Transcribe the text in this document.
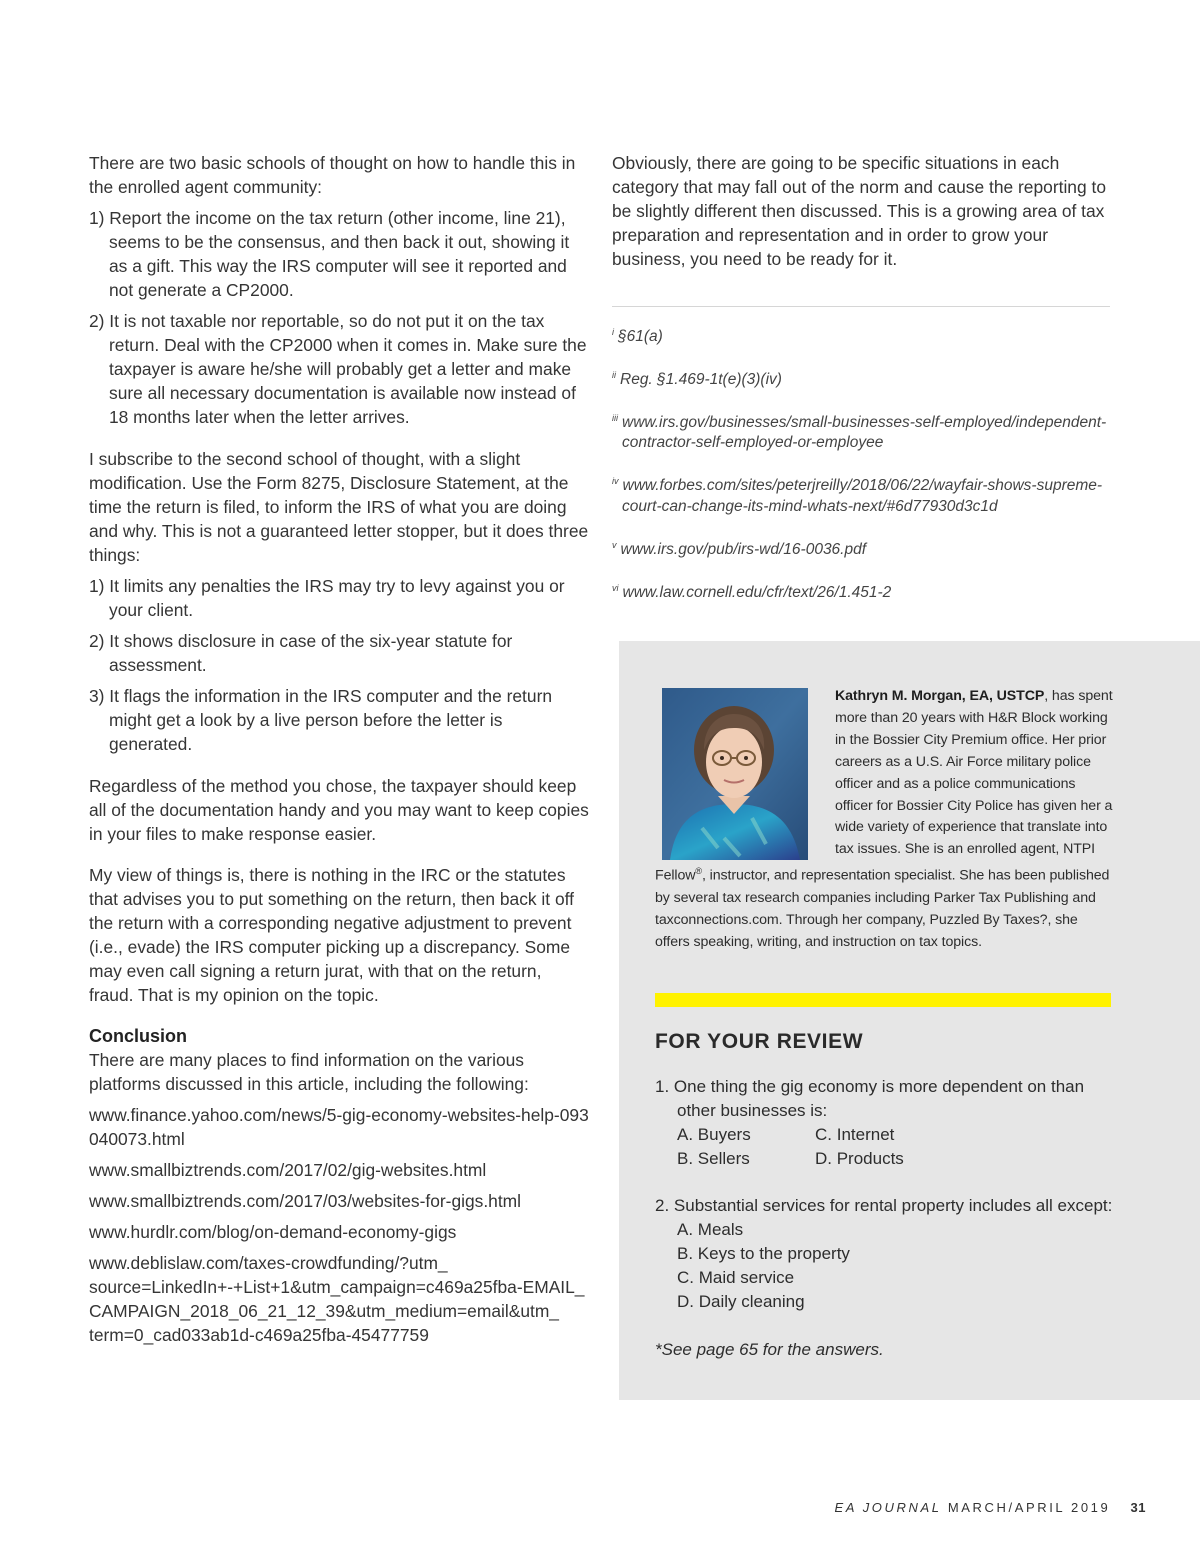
There are two basic schools of thought on how to handle this in the enrolled agent community:

1) Report the income on the tax return (other income, line 21), seems to be the consensus, and then back it out, showing it as a gift. This way the IRS computer will see it reported and not generate a CP2000.
2) It is not taxable nor reportable, so do not put it on the tax return. Deal with the CP2000 when it comes in. Make sure the taxpayer is aware he/she will probably get a letter and make sure all necessary documentation is available now instead of 18 months later when the letter arrives.

I subscribe to the second school of thought, with a slight modification. Use the Form 8275, Disclosure Statement, at the time the return is filed, to inform the IRS of what you are doing and why. This is not a guaranteed letter stopper, but it does three things:

1) It limits any penalties the IRS may try to levy against you or your client.
2) It shows disclosure in case of the six-year statute for assessment.
3) It flags the information in the IRS computer and the return might get a look by a live person before the letter is generated.

Regardless of the method you chose, the taxpayer should keep all of the documentation handy and you may want to keep copies in your files to make response easier.

My view of things is, there is nothing in the IRC or the statutes that advises you to put something on the return, then back it off the return with a corresponding negative adjustment to prevent (i.e., evade) the IRS computer picking up a discrepancy. Some may even call signing a return jurat, with that on the return, fraud. That is my opinion on the topic.

Conclusion

There are many places to find information on the various platforms discussed in this article, including the following:

www.finance.yahoo.com/news/5-gig-economy-websites-help-093040073.html

www.smallbiztrends.com/2017/02/gig-websites.html

www.smallbiztrends.com/2017/03/websites-for-gigs.html

www.hurdlr.com/blog/on-demand-economy-gigs

www.deblislaw.com/taxes-crowdfunding/?utm_ source=LinkedIn+-+List+1&utm_campaign=c469a25fba-EMAIL_ CAMPAIGN_2018_06_21_12_39&utm_medium=email&utm_ term=0_cad033ab1d-c469a25fba-45477759

Obviously, there are going to be specific situations in each category that may fall out of the norm and cause the reporting to be slightly different then discussed. This is a growing area of tax preparation and representation and in order to grow your business, you need to be ready for it.

$^i$ §61(a)

$^{ii}$ Reg. §1.469-1t(e)(3)(iv)

$^{iii}$ www.irs.gov/businesses/small-businesses-self-employed/independent-contractor-self-employed-or-employee

$^{iv}$ www.forbes.com/sites/peterjreilly/2018/06/22/wayfair-shows-supreme-court-can-change-its-mind-whats-next/#6d77930d3c1d

$^v$ www.irs.gov/pub/irs-wd/16-0036.pdf

$^{vi}$ www.law.cornell.edu/cfr/text/26/1.451-2

Kathryn M. Morgan, EA, USTCP, has spent more than 20 years with H&R Block working in the Bossier City Premium office. Her prior careers as a U.S. Air Force military police officer and as a police communications officer for Bossier City Police has given her a wide variety of experience that translate into tax issues. She is an enrolled agent, NTPI Fellow®, instructor, and representation specialist. She has been published by several tax research companies including Parker Tax Publishing and taxconnections.com. Through her company, Puzzled By Taxes?, she offers speaking, writing, and instruction on tax topics.
FOR YOUR REVIEW
1. One thing the gig economy is more dependent on than other businesses is:
A. Buyers	C. Internet
B. Sellers	D. Products
2. Substantial services for rental property includes all except:
A. Meals
B. Keys to the property
C. Maid service
D. Daily cleaning
*See page 65 for the answers.
EA JOURNAL MARCH/APRIL 2019 31
